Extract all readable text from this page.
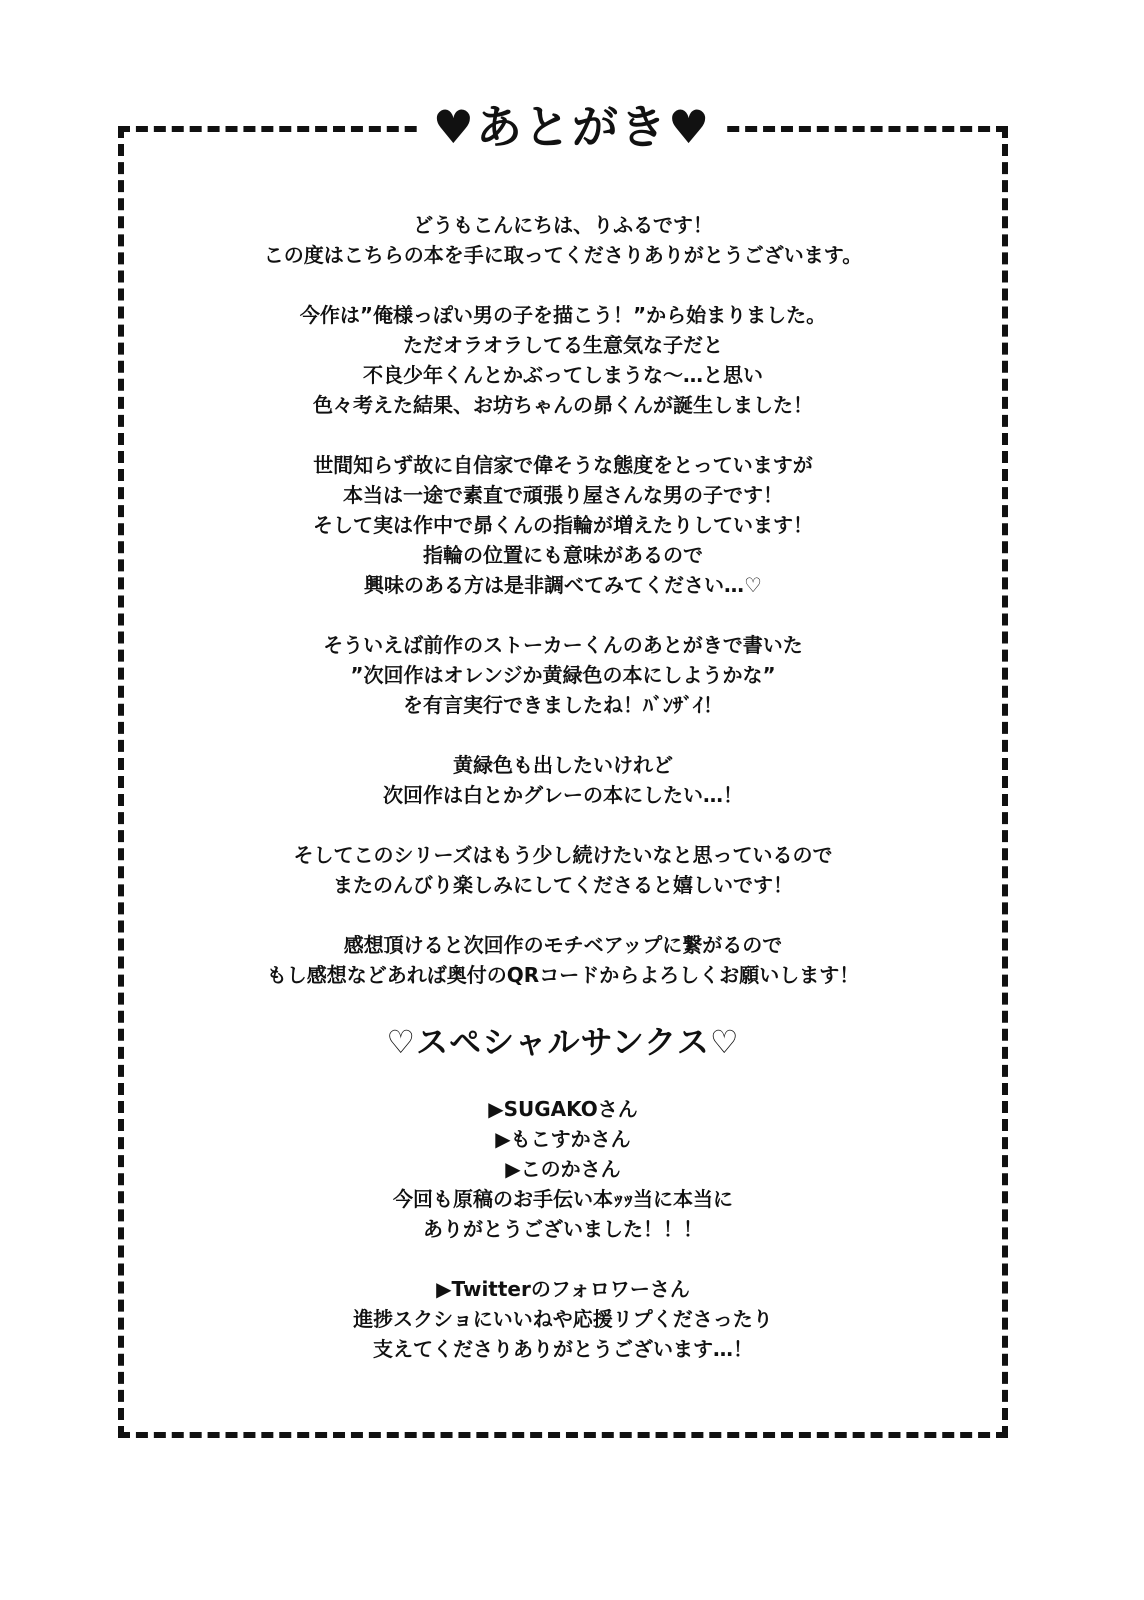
♥あとがき♥
どうもこんにちは、りふるです！
この度はこちらの本を手に取ってくださりありがとうございます。
今作は”俺様っぽい男の子を描こう！”から始まりました。
ただオラオラしてる生意気な子だと
不良少年くんとかぶってしまうな～…と思い
色々考えた結果、お坊ちゃんの昴くんが誕生しました！
世間知らず故に自信家で偉そうな態度をとっていますが
本当は一途で素直で頑張り屋さんな男の子です！
そして実は作中で昴くんの指輪が増えたりしています！
指輪の位置にも意味があるので
興味のある方は是非調べてみてください…♡
そういえば前作のストーカーくんのあとがきで書いた
”次回作はオレンジか黄緑色の本にしようかな”
を有言実行できましたね！ﾊﾞﾝｻﾞｲ！
黄緑色も出したいけれど
次回作は白とかグレーの本にしたい…！
そしてこのシリーズはもう少し続けたいなと思っているので
またのんびり楽しみにしてくださると嬉しいです！
感想頂けると次回作のモチベアップに繋がるので
もし感想などあれば奥付のQRコードからよろしくお願いします！
♡スペシャルサンクス♡
▶SUGAKOさん
▶もこすかさん
▶このかさん
今回も原稿のお手伝い本ｯｯ当に本当に
ありがとうございました！！！
▶Twitterのフォロワーさん
進捗スクショにいいねや応援リプくださったり
支えてくださりありがとうございます…！
